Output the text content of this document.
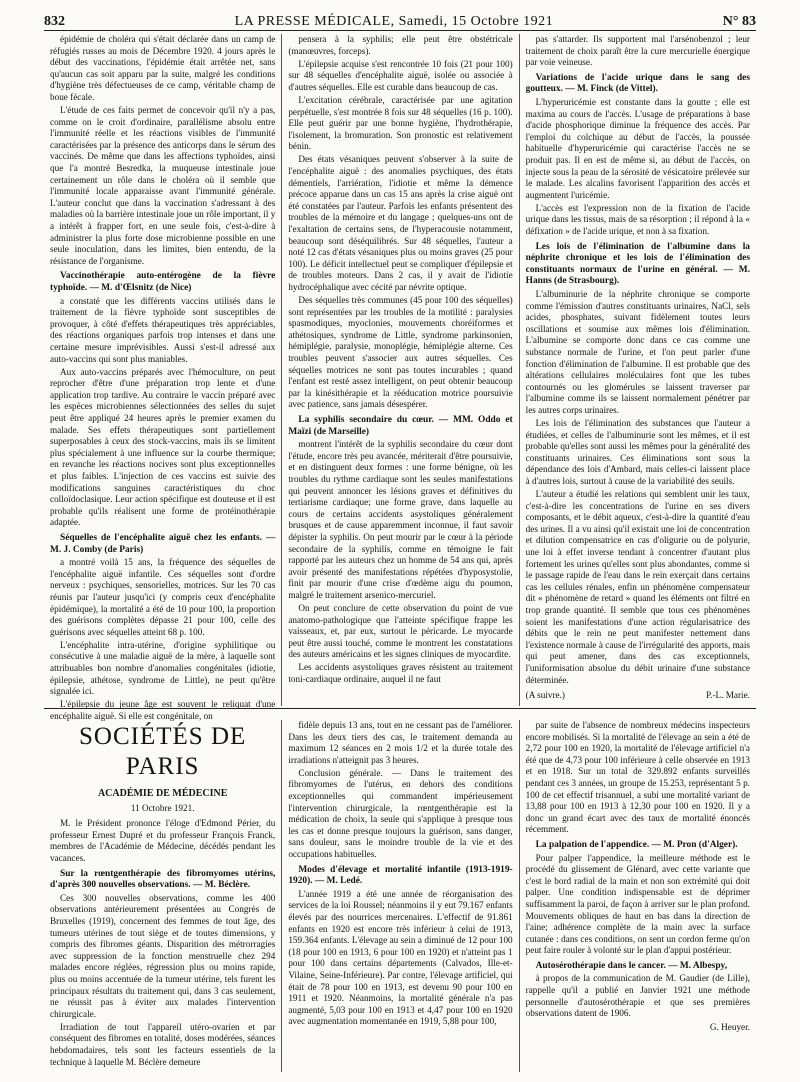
832	LA PRESSE MÉDICALE, Samedi, 15 Octobre 1921	N° 83

épidémie de choléra qui s'était déclarée dans un camp de réfugiés russes au mois de Décembre 1920. 4 jours après le début des vaccinations, l'épidémie était arrêtée net, sans qu'aucun cas soit apparu par la suite, malgré les conditions d'hygiène très défectueuses de ce camp, véritable champ de boue fécale.

L'étude de ces faits permet de concevoir qu'il n'y a pas, comme on le croit d'ordinaire, parallélisme absolu entre l'immunité réelle et les réactions visibles de l'immunité caractérisées par la présence des anticorps dans le sérum des vaccinés. De même que dans les affections typhoïdes, ainsi que l'a montré Besredka, la muqueuse intestinale joue certainement un rôle dans le choléra où il semble que l'immunité locale apparaisse avant l'immunité générale. L'auteur conclut que dans la vaccination s'adressant à des maladies où la barrière intestinale joue un rôle important, il y a intérêt à frapper fort, en une seule fois, c'est-à-dire à administrer la plus forte dose microbienne possible en une seule inoculation, dans les limites, bien entendu, de la résistance de l'organisme.

Vaccinothérapie auto-entérogène de la fièvre typhoïde. — M. d'Œlsnitz (de Nice)

a constaté que les différents vaccins utilisés dans le traitement de la fièvre typhoïde sont susceptibles de provoquer, à côté d'effets thérapeutiques très appréciables, des réactions organiques parfois trop intenses et dans une certaine mesure imprévisibles. Aussi s'est-il adressé aux auto-vaccins qui sont plus maniables.

Aux auto-vaccins préparés avec l'hémoculture, on peut reprocher d'être d'une préparation trop lente et d'une application trop tardive. Au contraire le vaccin préparé avec les espèces microbiennes sélectionnées des selles du sujet peut être appliqué 24 heures après le premier examen du malade. Ses effets thérapeutiques sont partiellement superposables à ceux des stock-vaccins, mais ils se limitent plus spécialement à une influence sur la courbe thermique; en revanche les réactions nocives sont plus exceptionnelles et plus faibles. L'injection de ces vaccins est suivie des modifications sanguines caractéristiques du choc colloïdoclasique. Leur action spécifique est douteuse et il est probable qu'ils réalisent une forme de protéinothérapie adaptée.

Séquelles de l'encéphalite aiguë chez les enfants. — M. J. Comby (de Paris)

a montré voilà 15 ans, la fréquence des séquelles de l'encéphalite aiguë infantile. Ces séquelles sont d'ordre nerveux : psychiques, sensorielles, motrices. Sur les 70 cas réunis par l'auteur jusqu'ici (y compris ceux d'encéphalite épidémique), la mortalité a été de 10 pour 100, la proportion des guérisons complètes dépasse 21 pour 100, celle des guérisons avec séquelles atteint 68 p. 100.

L'encéphalite intra-utérine, d'origine syphilitique ou consécutive à une maladie aiguë de la mère, à laquelle sont attribuables bon nombre d'anomalies congénitales (idiotie, épilepsie, athétose, syndrome de Little), ne peut qu'être signalée ici.

L'épilepsie du jeune âge est souvent le reliquat d'une encéphalite aiguë. Si elle est congénitale, on

pensera à la syphilis; elle peut être obstétricale (manœuvres, forceps).

L'épilepsie acquise s'est rencontrée 10 fois (21 pour 100) sur 48 séquelles d'encéphalite aiguë, isolée ou associée à d'autres séquelles. Elle est curable dans beaucoup de cas.

L'excitation cérébrale, caractérisée par une agitation perpétuelle, s'est montrée 8 fois sur 48 séquelles (16 p. 100). Elle peut guérir par une bonne hygiène, l'hydrothérapie, l'isolement, la bromuration. Son pronostic est relativement bénin.

Des états vésaniques peuvent s'observer à la suite de l'encéphalite aiguë : des anomalies psychiques, des états démentiels, l'arriération, l'idiotie et même la démence précoce apparue dans un cas 15 ans après la crise aiguë ont été constatées par l'auteur. Parfois les enfants présentent des troubles de la mémoire et du langage ; quelques-uns ont de l'exaltation de certains sens, de l'hyperacousie notamment, beaucoup sont déséquilibrés. Sur 48 séquelles, l'auteur a noté 12 cas d'états vésaniques plus ou moins graves (25 pour 100). Le déficit intellectuel peut se compliquer d'épilepsie et de troubles moteurs. Dans 2 cas, il y avait de l'idiotie hydrocéphalique avec cécité par névrite optique.

Des séquelles très communes (45 pour 100 des séquelles) sont représentées par les troubles de la motilité : paralysies spasmodiques, myoclonies, mouvements choréiformes et athétosiques, syndrome de Little, syndrome parkinsonien, hémiplégie, paralysie, monoplégie, hémiplégie alterne. Ces troubles peuvent s'associer aux autres séquelles. Ces séquelles motrices ne sont pas toutes incurables ; quand l'enfant est resté assez intelligent, on peut obtenir beaucoup par la kinésithérapie et la rééducation motrice poursuivie avec patience, sans jamais désespérer.

La syphilis secondaire du cœur. — MM. Oddo et Maïzi (de Marseille)

montrent l'intérêt de la syphilis secondaire du cœur dont l'étude, encore très peu avancée, mériterait d'être poursuivie, et en distinguent deux formes : une forme bénigne, où les troubles du rythme cardiaque sont les seules manifestations qui peuvent annoncer les lésions graves et définitives du tertiarisme cardiaque; une forme grave, dans laquelle au cours de certains accidents asystoliques généralement brusques et de cause apparemment inconnue, il faut savoir dépister la syphilis. On peut mourir par le cœur à la période secondaire de la syphilis, comme en témoigne le fait rapporté par les auteurs chez un homme de 54 ans qui, après avoir présenté des manifestations répétées d'hyposystolie, finit par mourir d'une crise d'œdème aigu du poumon, malgré le traitement arsenico-mercuriel.

On peut conclure de cette observation du point de vue anatomo-pathologique que l'atteinte spécifique frappe les vaisseaux, et, par eux, surtout le péricarde. Le myocarde peut être aussi touché, comme le montrent les constatations des auteurs américains et les signes cliniques de myocardite.

Les accidents asystoliques graves résistent au traitement toni-cardiaque ordinaire, auquel il ne faut

pas s'attarder. Ils supportent mal l'arsénobenzol ; leur traitement de choix paraît être la cure mercurielle énergique par voie veineuse.

Variations de l'acide urique dans le sang des goutteux. — M. Finck (de Vittel).

L'hyperuricémie est constante dans la goutte ; elle est maxima au cours de l'accès. L'usage de préparations à base d'acide phosphorique diminue la fréquence des accès. Par l'emploi du colchique au début de l'accès, la poussée habituelle d'hyperuricémie qui caractérise l'accès ne se produit pas. Il en est de même si, au début de l'accès, on injecte sous la peau de la sérosité de vésicatoire prélevée sur le malade. Les alcalins favorisent l'apparition des accès et augmentent l'uricémie.

L'accès est l'expression non de la fixation de l'acide urique dans les tissus, mais de sa résorption ; il répond à la « défixation » de l'acide urique, et non à sa fixation.

Les lois de l'élimination de l'albumine dans la néphrite chronique et les lois de l'élimination des constituants normaux de l'urine en général. — M. Hanns (de Strasbourg).

L'albuminurie de la néphrite chronique se comporte comme l'émission d'autres constituants urinaires, NaCl, sels acides, phosphates, suivant fidèlement toutes leurs oscillations et soumise aux mêmes lois d'élimination. L'albumine se comporte donc dans ce cas comme une substance normale de l'urine, et l'on peut parler d'une fonction d'élimination de l'albumine. Il est probable que des altérations cellulaires moléculaires font que les tubes contournés ou les glomérules se laissent traverser par l'albumine comme ils se laissent normalement pénétrer par les autres corps urinaires.

Les lois de l'élimination des substances que l'auteur a étudiées, et celles de l'albuminurie sont les mêmes, et il est probable qu'elles sont aussi les mêmes pour la généralité des constituants urinaires. Ces éliminations sont sous la dépendance des lois d'Ambard, mais celles-ci laissent place à d'autres lois, surtout à cause de la variabilité des seuils.

L'auteur a étudié les relations qui semblent unir les taux, c'est-à-dire les concentrations de l'urine en ses divers composants, et le débit aqueux, c'est-à-dire la quantité d'eau des urines. Il a vu ainsi qu'il existait une loi de concentration et dilution compensatrice en cas d'oligurie ou de polyurie, une loi à effet inverse tendant à concentrer d'autant plus fortement les urines qu'elles sont plus abondantes, comme si le passage rapide de l'eau dans le rein exerçait dans certains cas les cellules rénales, enfin un phénomène compensateur dit « phénomène de retard » quand les éléments ont filtré en trop grande quantité. Il semble que tous ces phénomènes soient les manifestations d'une action régularisatrice des débits que le rein ne peut manifester nettement dans l'existence normale à cause de l'irrégularité des apports, mais qui peut amener, dans des cas exceptionnels, l'uniformisation absolue du débit urinaire d'une substance déterminée.

(A suivre.)	P.-L. Marie.
SOCIÉTÉS DE PARIS
ACADÉMIE DE MÉDECINE
11 Octobre 1921.

M. le Président prononce l'éloge d'Edmond Périer, du professeur Ernest Dupré et du professeur François Franck, membres de l'Académie de Médecine, décédés pendant les vacances.

Sur la rœntgenthérapie des fibromyomes utérins, d'après 300 nouvelles observations. — M. Béclère.

Ces 300 nouvelles observations, comme les 400 observations antérieurement présentées au Congrès de Bruxelles (1919), concernent des femmes de tout âge, des tumeurs utérines de tout siège et de toutes dimensions, y compris des fibromes géants. Disparition des métrorragies avec suppression de la fonction menstruelle chez 294 malades encore réglées, régression plus ou moins rapide, plus ou moins accentuée de la tumeur utérine, tels furent les principaux résultats du traitement qui, dans 3 cas seulement, ne réussit pas à éviter aux malades l'intervention chirurgicale.

Irradiation de tout l'appareil utéro-ovarien et par conséquent des fibromes en totalité, doses modérées, séances hebdomadaires, tels sont les facteurs essentiels de la technique à laquelle M. Béclère demeure

fidèle depuis 13 ans, tout en ne cessant pas de l'améliorer. Dans les deux tiers des cas, le traitement demanda au maximum 12 séances en 2 mois 1/2 et la durée totale des irradiations n'atteignit pas 3 heures.

Conclusion générale. — Dans le traitement des fibromyomes de l'utérus, en dehors des conditions exceptionnelles qui commandent impérieusement l'intervention chirurgicale, la rœntgenthérapie est la médication de choix, la seule qui s'applique à presque tous les cas et donne presque toujours la guérison, sans danger, sans douleur, sans le moindre trouble de la vie et des occupations habituelles.

Modes d'élevage et mortalité infantile (1913-1919-1920). — M. Ledé.

L'année 1919 a été une année de réorganisation des services de la loi Roussel; néanmoins il y eut 79.167 enfants élevés par des nourrices mercenaires. L'effectif de 91.861 enfants en 1920 est encore très inférieur à celui de 1913, 159.364 enfants. L'élevage au sein a diminué de 12 pour 100 (18 pour 100 en 1913, 6 pour 100 en 1920) et n'atteint pas 1 pour 100 dans certains départements (Calvados, Ille-et-Vilaine, Seine-Inférieure). Par contre, l'élevage artificiel, qui était de 78 pour 100 en 1913, est devenu 90 pour 100 en 1911 et 1920. Néanmoins, la mortalité générale n'a pas augmenté, 5,03 pour 100 en 1913 et 4,47 pour 100 en 1920 avec augmentation momentanée en 1919, 5,88 pour 100,

par suite de l'absence de nombreux médecins inspecteurs encore mobilisés. Si la mortalité de l'élevage au sein a été de 2,72 pour 100 en 1920, la mortalité de l'élevage artificiel n'a été que de 4,73 pour 100 inférieure à celle observée en 1913 et en 1918. Sur un total de 329.892 enfants surveillés pendant ces 3 années, un groupe de 15.253, représentant 5 p. 100 de cet effectif trisannuel, a subi une mortalité variant de 13,88 pour 100 en 1913 à 12,30 pour 100 en 1920. Il y a donc un grand écart avec des taux de mortalité énoncés récemment.

La palpation de l'appendice. — M. Pron (d'Alger).

Pour palper l'appendice, la meilleure méthode est le procédé du glissement de Glénard, avec cette variante que c'est le bord radial de la main et non son extrémité qui doit palper. Une condition indispensable est de déprimer suffisamment la paroi, de façon à arriver sur le plan profond. Mouvements obliques de haut en bas dans la direction de l'aine; adhérence complète de la main avec la surface cutanée : dans ces conditions, on sent un cordon ferme qu'on peut faire rouler à volonté sur le plan d'appui postérieur.

Autosérothérapie dans le cancer. — M. Albespy,

à propos de la communication de M. Gaudier (de Lille), rappelle qu'il a publié en Janvier 1921 une méthode personnelle d'autosérothérapie et que ses premières observations datent de 1906.

G. Heuyer.
